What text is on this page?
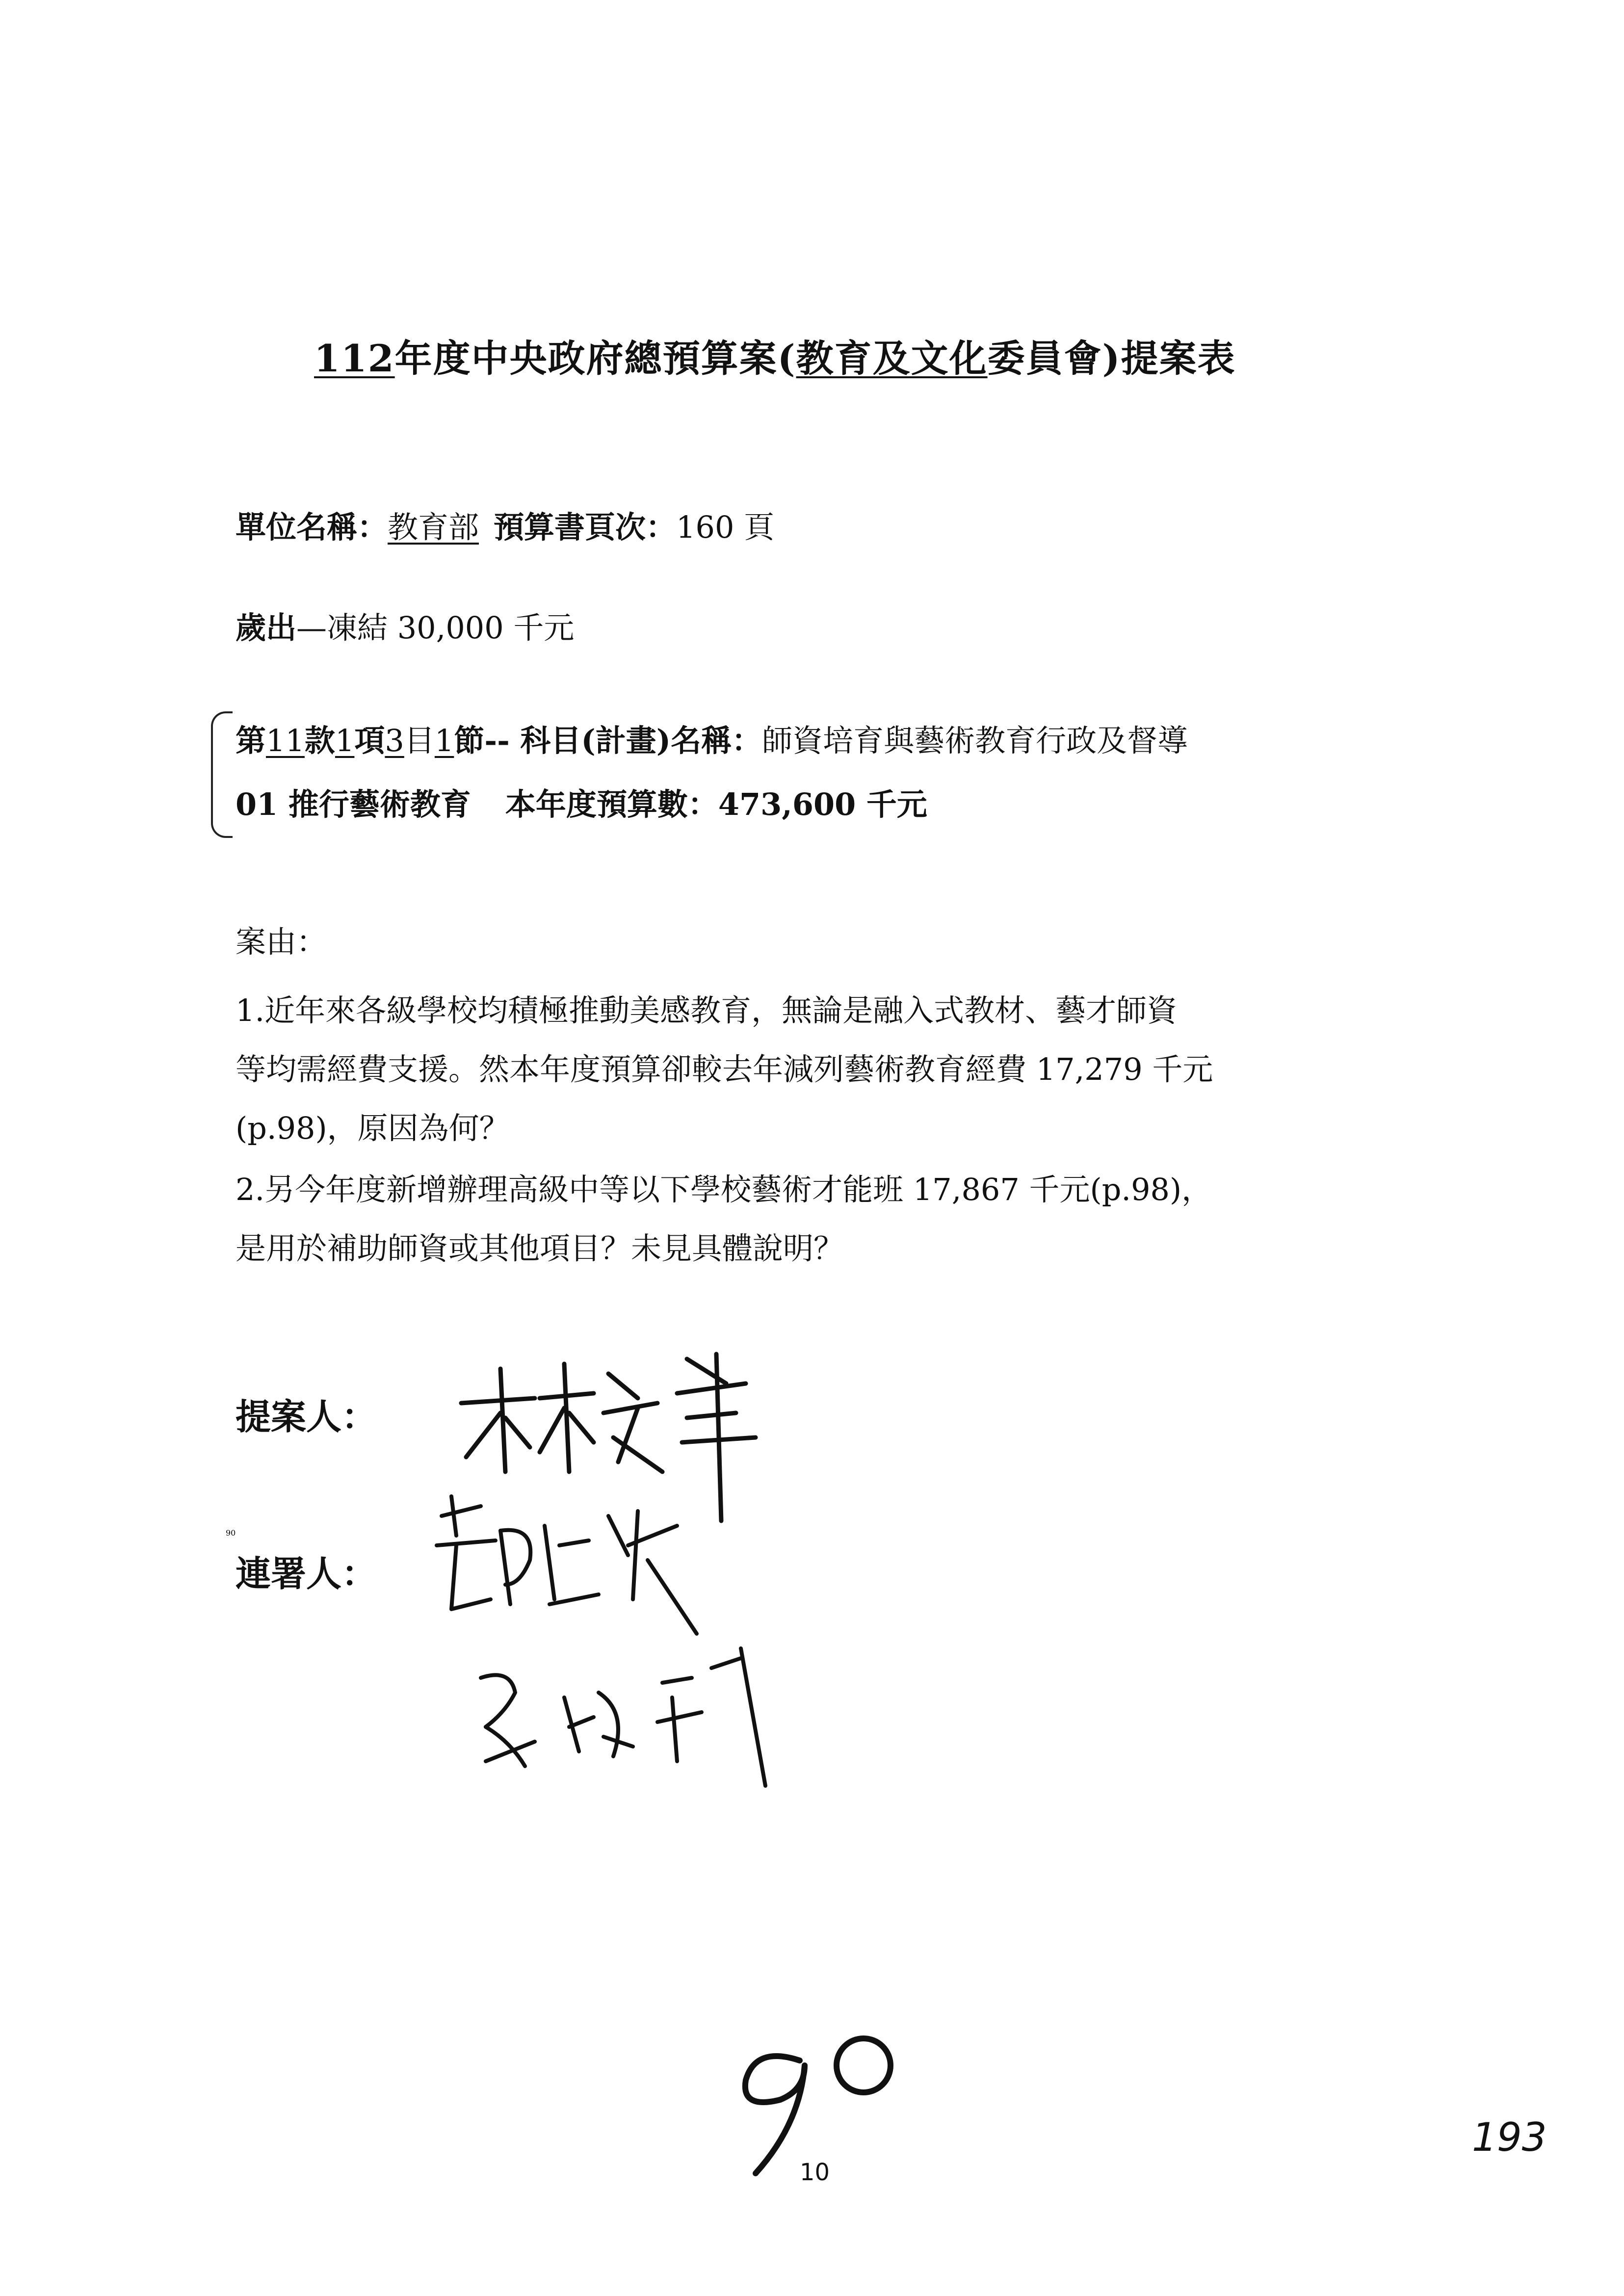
112年度中央政府總預算案(教育及文化委員會)提案表
單位名稱：教育部 預算書頁次：160 頁
歲出—凍結 30,000 千元
第11款1項3目1節-- 科目(計畫)名稱：師資培育與藝術教育行政及督導
01 推行藝術教育 本年度預算數：473,600 千元
案由：
1.近年來各級學校均積極推動美感教育，無論是融入式教材、藝才師資
等均需經費支援。然本年度預算卻較去年減列藝術教育經費 17,279 千元
(p.98)，原因為何？
2.另今年度新增辦理高級中等以下學校藝術才能班 17,867 千元(p.98)，
是用於補助師資或其他項目？未見具體說明？
提案人：
連署人：
90
193
10
